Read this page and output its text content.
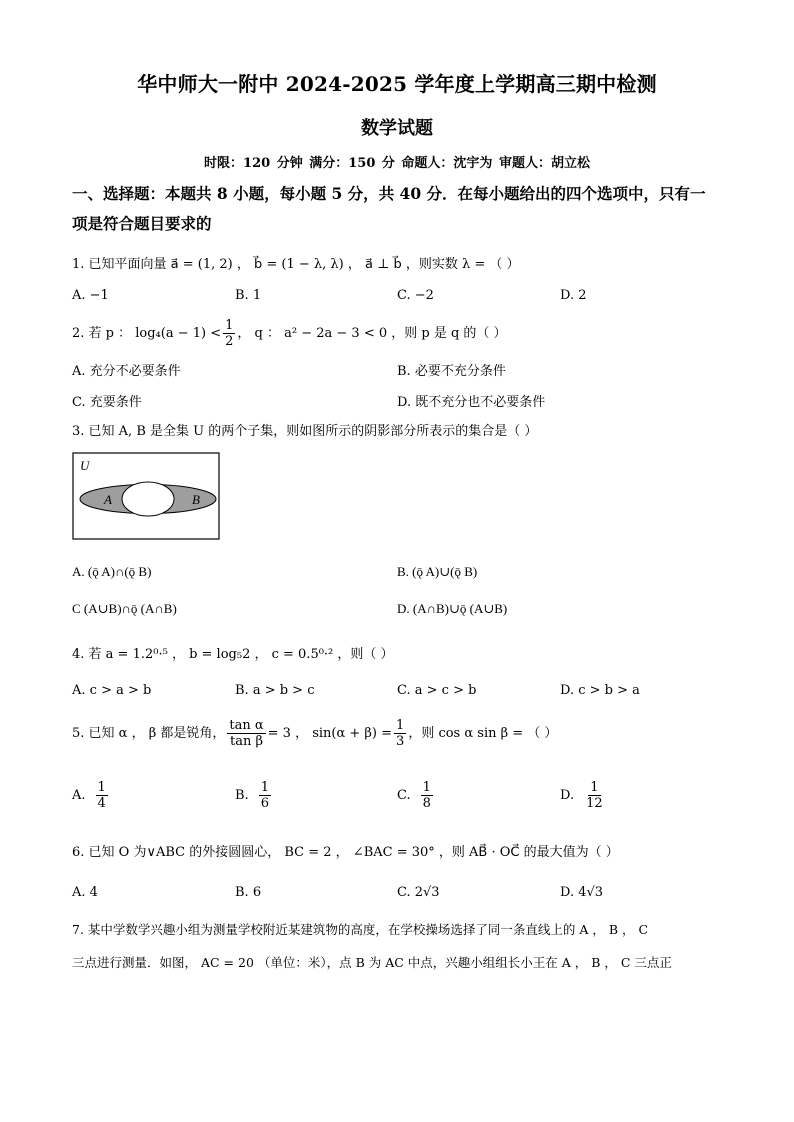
华中师大一附中 2024-2025 学年度上学期高三期中检测
数学试题
时限：120 分钟 满分：150 分 命题人：沈宇为 审题人：胡立松
一、选择题：本题共 8 小题，每小题 5 分，共 40 分．在每小题给出的四个选项中，只有一
项是符合题目要求的
1. 已知平面向量 a⃗ = (1, 2) ， b⃗ = (1 − λ, λ) ， a⃗ ⊥ b⃗ ，则实数 λ = （ ）
A. −1	B. 1	C. −2	D. 2
2. 若 p ： $\log_4(a - 1) < \frac{1}{2}$ ， q ： a² − 2a − 3 < 0 ，则 p 是 q 的（ ）
A. 充分不必要条件	B. 必要不充分条件
C. 充要条件	D. 既不充分也不必要条件
3. 已知 A, B 是全集 U 的两个子集，则如图所示的阴影部分所表示的集合是（ ）
U
A	B
A. (ǭ A)∩(ǭ B)	B. (ǭ A)∪(ǭ B)
C (A∪B)∩ǭ (A∩B)	D. (A∩B)∪ǭ (A∪B)
4. 若 a = 1.2⁰·⁵ ， b = log₅2 ， c = 0.5⁰·² ，则（ ）
A. c > a > b	B. a > b > c	C. a > c > b	D. c > b > a
5. 已知 α ， β 都是锐角， $\frac{\text{tan α}}{\text{tan β}} = 3$ ， $\sin(\alpha + \beta) = \frac{1}{3}$ ，则 cos α sin β = （ ）
A. $\frac{1}{4}$	B. $\frac{1}{6}$	C. $\frac{1}{8}$	D. $\frac{1}{12}$
6. 已知 O 为∨ABC 的外接圆圆心， BC = 2 ， ∠BAC = 30° ，则 AB⃗ · OC⃗ 的最大值为（ ）
A. 4	B. 6	C. 2√3	D. 4√3
7. 某中学数学兴趣小组为测量学校附近某建筑物的高度，在学校操场选择了同一条直线上的 A ， B ， C
三点进行测量．如图， AC = 20 （单位：米），点 B 为 AC 中点，兴趣小组组长小王在 A ， B ， C 三点正
